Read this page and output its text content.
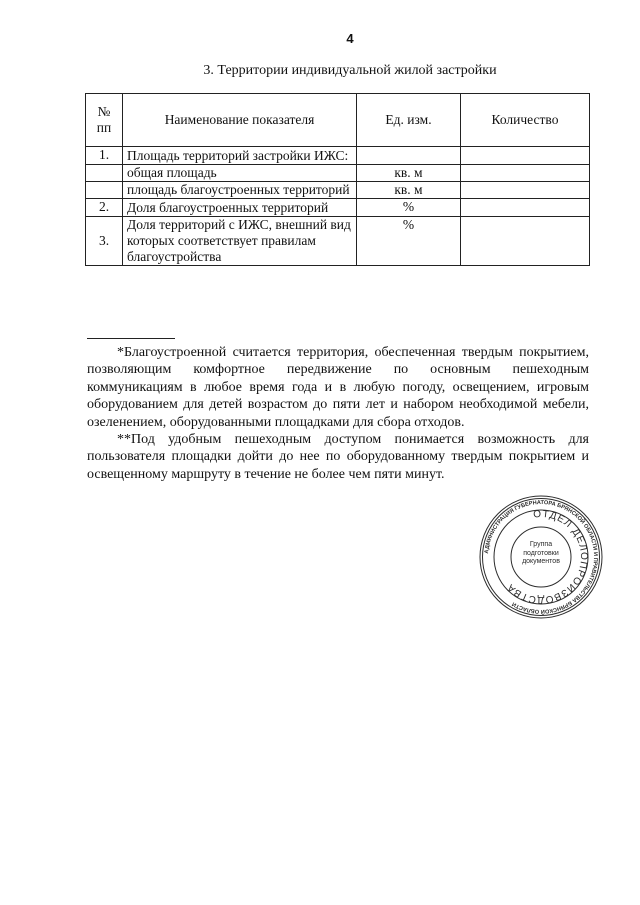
4
3. Территории индивидуальной жилой застройки
№
пп	Наименование показателя	Ед. изм.	Количество
1.	Площадь территорий застройки ИЖС:		
	общая площадь	кв. м	
	площадь благоустроенных территорий	кв. м	
2.	Доля благоустроенных территорий	%	
3.	Доля территорий с ИЖС, внешний вид которых соответствует правилам благоустройства	%	

*Благоустроенной считается территория, обеспеченная твердым покрытием, позволяющим комфортное передвижение по основным пешеходным коммуникациям в любое время года и в любую погоду, освещением, игровым оборудованием для детей возрастом до пяти лет и набором необходимой мебели, озеленением, оборудованными площадками для сбора отходов.

**Под удобным пешеходным доступом понимается возможность для пользователя площадки дойти до нее по оборудованному твердым покрытием и освещенному маршруту в течение не более чем пяти минут.

АДМИНИСТРАЦИЯ ГУБЕРНАТОРА БРЯНСКОЙ ОБЛАСТИ И ПРАВИТЕЛЬСТВА БРЯНСКОЙ ОБЛАСТИ
ОТДЕЛ ДЕЛОПРОИЗВОДСТВА
Группа подготовки документов
